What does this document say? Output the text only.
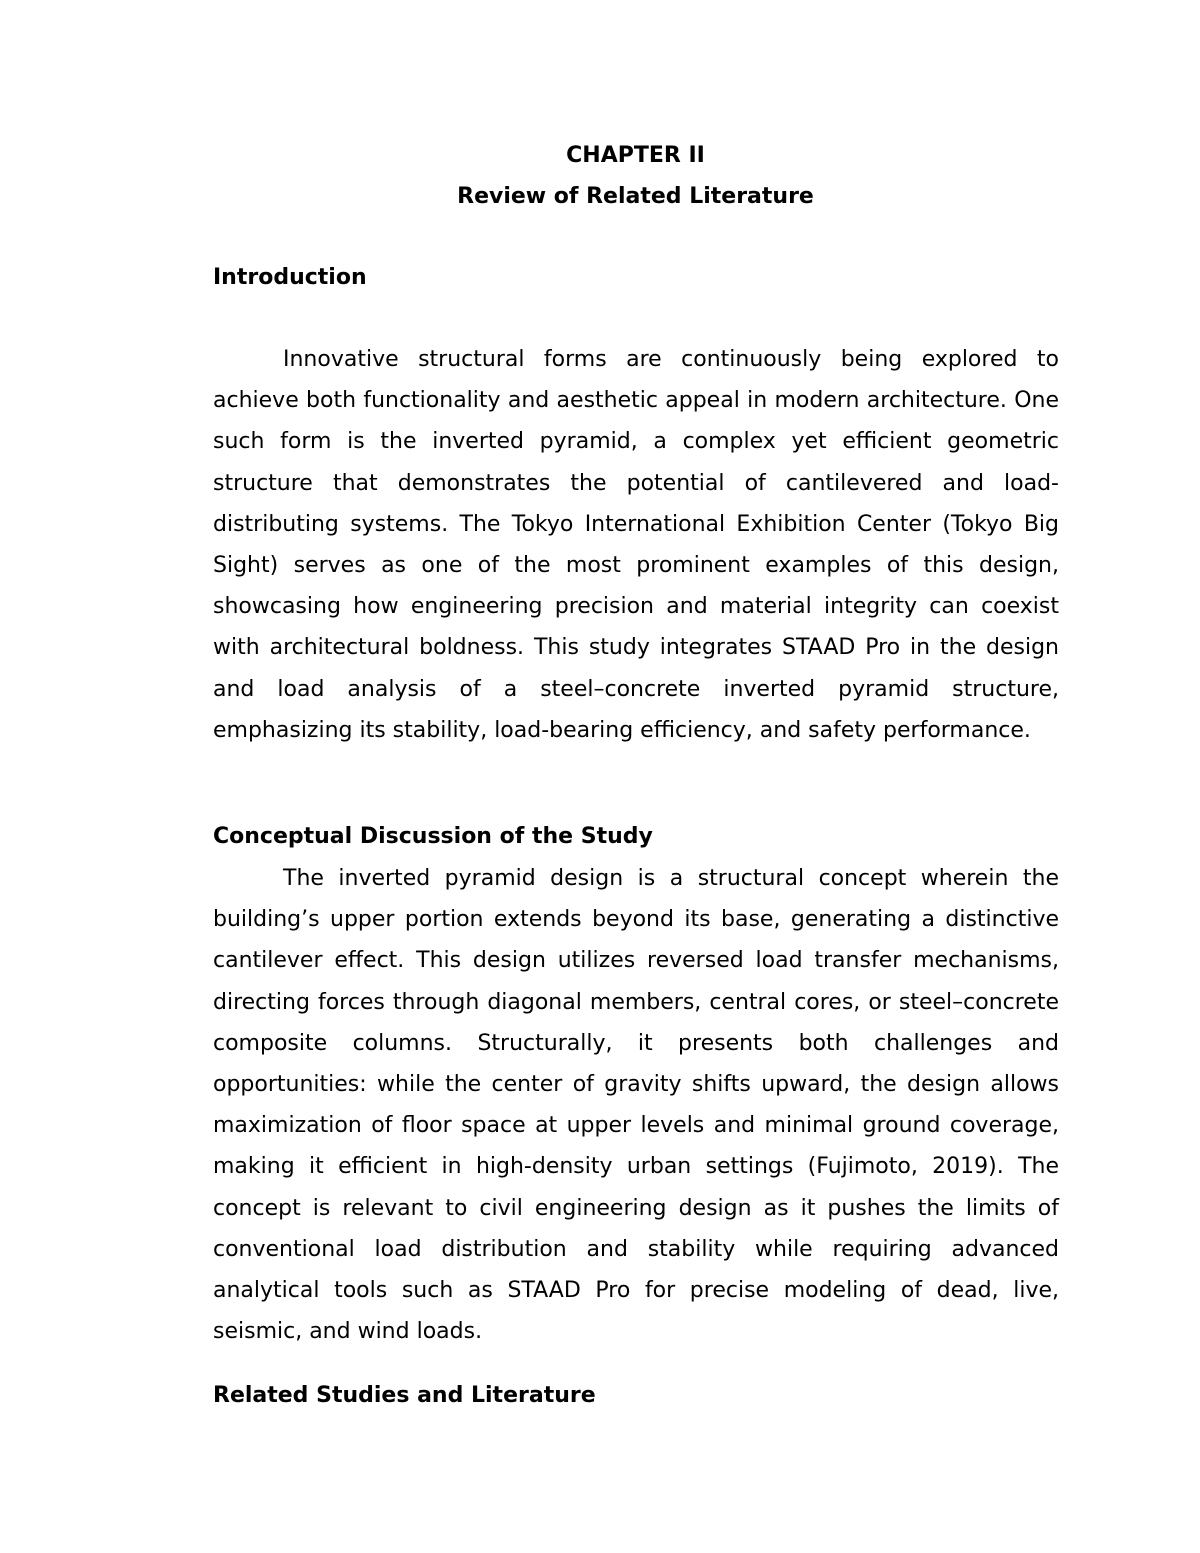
CHAPTER II
Review of Related Literature
Introduction

Innovative structural forms are continuously being explored to achieve both functionality and aesthetic appeal in modern architecture. One such form is the inverted pyramid, a complex yet efficient geometric structure that demonstrates the potential of cantilevered and load-distributing systems. The Tokyo International Exhibition Center (Tokyo Big Sight) serves as one of the most prominent examples of this design, showcasing how engineering precision and material integrity can coexist with architectural boldness. This study integrates STAAD Pro in the design and load analysis of a steel–concrete inverted pyramid structure, emphasizing its stability, load-bearing efficiency, and safety performance.

Conceptual Discussion of the Study

The inverted pyramid design is a structural concept wherein the building’s upper portion extends beyond its base, generating a distinctive cantilever effect. This design utilizes reversed load transfer mechanisms, directing forces through diagonal members, central cores, or steel–concrete composite columns. Structurally, it presents both challenges and opportunities: while the center of gravity shifts upward, the design allows maximization of floor space at upper levels and minimal ground coverage, making it efficient in high-density urban settings (Fujimoto, 2019). The concept is relevant to civil engineering design as it pushes the limits of conventional load distribution and stability while requiring advanced analytical tools such as STAAD Pro for precise modeling of dead, live, seismic, and wind loads.

Related Studies and Literature
